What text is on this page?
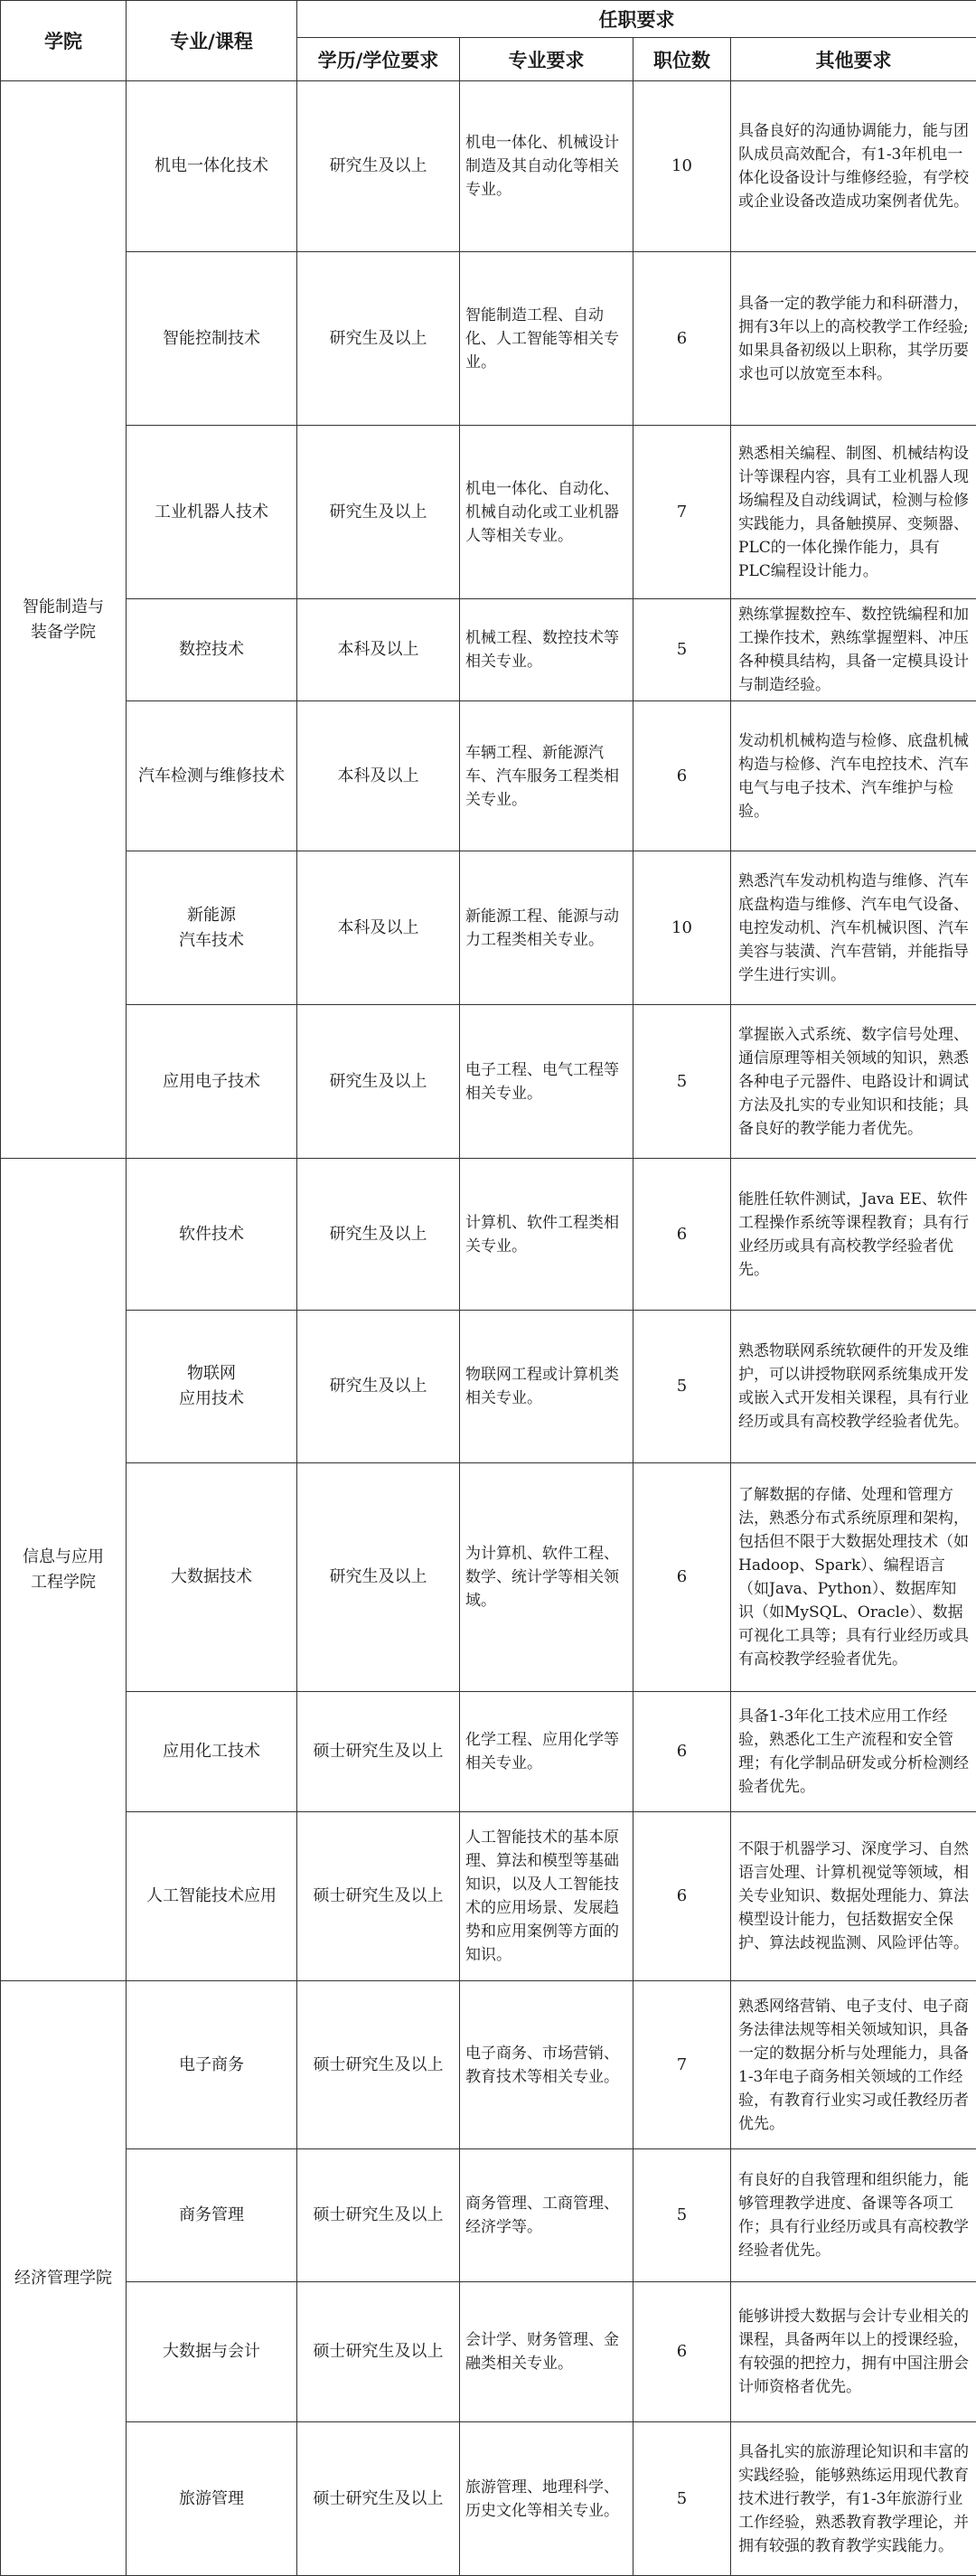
学院	专业/课程	任职要求			
		学历/学位要求	专业要求	职位数	其他要求
智能制造与
装备学院	机电一体化技术	研究生及以上	机电一体化、机械设计制造及其自动化等相关专业。	10	具备良好的沟通协调能力，能与团队成员高效配合，有1-3年机电一体化设备设计与维修经验，有学校或企业设备改造成功案例者优先。
	智能控制技术	研究生及以上	智能制造工程、自动化、人工智能等相关专业。	6	具备一定的教学能力和科研潜力，拥有3年以上的高校教学工作经验;如果具备初级以上职称，其学历要求也可以放宽至本科。
	工业机器人技术	研究生及以上	机电一体化、自动化、机械自动化或工业机器人等相关专业。	7	熟悉相关编程、制图、机械结构设计等课程内容，具有工业机器人现场编程及自动线调试，检测与检修实践能力，具备触摸屏、变频器、PLC的一体化操作能力，具有PLC编程设计能力。
	数控技术	本科及以上	机械工程、数控技术等相关专业。	5	熟练掌握数控车、数控铣编程和加工操作技术，熟练掌握塑料、冲压各种模具结构，具备一定模具设计与制造经验。
	汽车检测与维修技术	本科及以上	车辆工程、新能源汽车、汽车服务工程类相关专业。	6	发动机机械构造与检修、底盘机械构造与检修、汽车电控技术、汽车电气与电子技术、汽车维护与检验。
	新能源
汽车技术	本科及以上	新能源工程、能源与动力工程类相关专业。	10	熟悉汽车发动机构造与维修、汽车底盘构造与维修、汽车电气设备、电控发动机、汽车机械识图、汽车美容与装潢、汽车营销，并能指导学生进行实训。
	应用电子技术	研究生及以上	电子工程、电气工程等相关专业。	5	掌握嵌入式系统、数字信号处理、通信原理等相关领域的知识，熟悉各种电子元器件、电路设计和调试方法及扎实的专业知识和技能；具备良好的教学能力者优先。
信息与应用
工程学院	软件技术	研究生及以上	计算机、软件工程类相关专业。	6	能胜任软件测试，Java EE、软件工程操作系统等课程教育；具有行业经历或具有高校教学经验者优先。
	物联网
应用技术	研究生及以上	物联网工程或计算机类相关专业。	5	熟悉物联网系统软硬件的开发及维护，可以讲授物联网系统集成开发或嵌入式开发相关课程，具有行业经历或具有高校教学经验者优先。
	大数据技术	研究生及以上	为计算机、软件工程、数学、统计学等相关领域。	6	了解数据的存储、处理和管理方法，熟悉分布式系统原理和架构，包括但不限于大数据处理技术（如Hadoop、Spark）、编程语言（如Java、Python）、数据库知识（如MySQL、Oracle）、数据可视化工具等；具有行业经历或具有高校教学经验者优先。
	应用化工技术	硕士研究生及以上	化学工程、应用化学等相关专业。	6	具备1-3年化工技术应用工作经验，熟悉化工生产流程和安全管理；有化学制品研发或分析检测经验者优先。
	人工智能技术应用	硕士研究生及以上	人工智能技术的基本原理、算法和模型等基础知识，以及人工智能技术的应用场景、发展趋势和应用案例等方面的知识。	6	不限于机器学习、深度学习、自然语言处理、计算机视觉等领域，相关专业知识、数据处理能力、算法模型设计能力，包括数据安全保护、算法歧视监测、风险评估等。
经济管理学院	电子商务	硕士研究生及以上	电子商务、市场营销、教育技术等相关专业。	7	熟悉网络营销、电子支付、电子商务法律法规等相关领域知识，具备一定的数据分析与处理能力，具备1-3年电子商务相关领域的工作经验，有教育行业实习或任教经历者优先。
	商务管理	硕士研究生及以上	商务管理、工商管理、经济学等。	5	有良好的自我管理和组织能力，能够管理教学进度、备课等各项工作；具有行业经历或具有高校教学经验者优先。
	大数据与会计	硕士研究生及以上	会计学、财务管理、金融类相关专业。	6	能够讲授大数据与会计专业相关的课程，具备两年以上的授课经验，有较强的把控力，拥有中国注册会计师资格者优先。
	旅游管理	硕士研究生及以上	旅游管理、地理科学、历史文化等相关专业。	5	具备扎实的旅游理论知识和丰富的实践经验，能够熟练运用现代教育技术进行教学，有1-3年旅游行业工作经验，熟悉教育教学理论，并拥有较强的教育教学实践能力。
